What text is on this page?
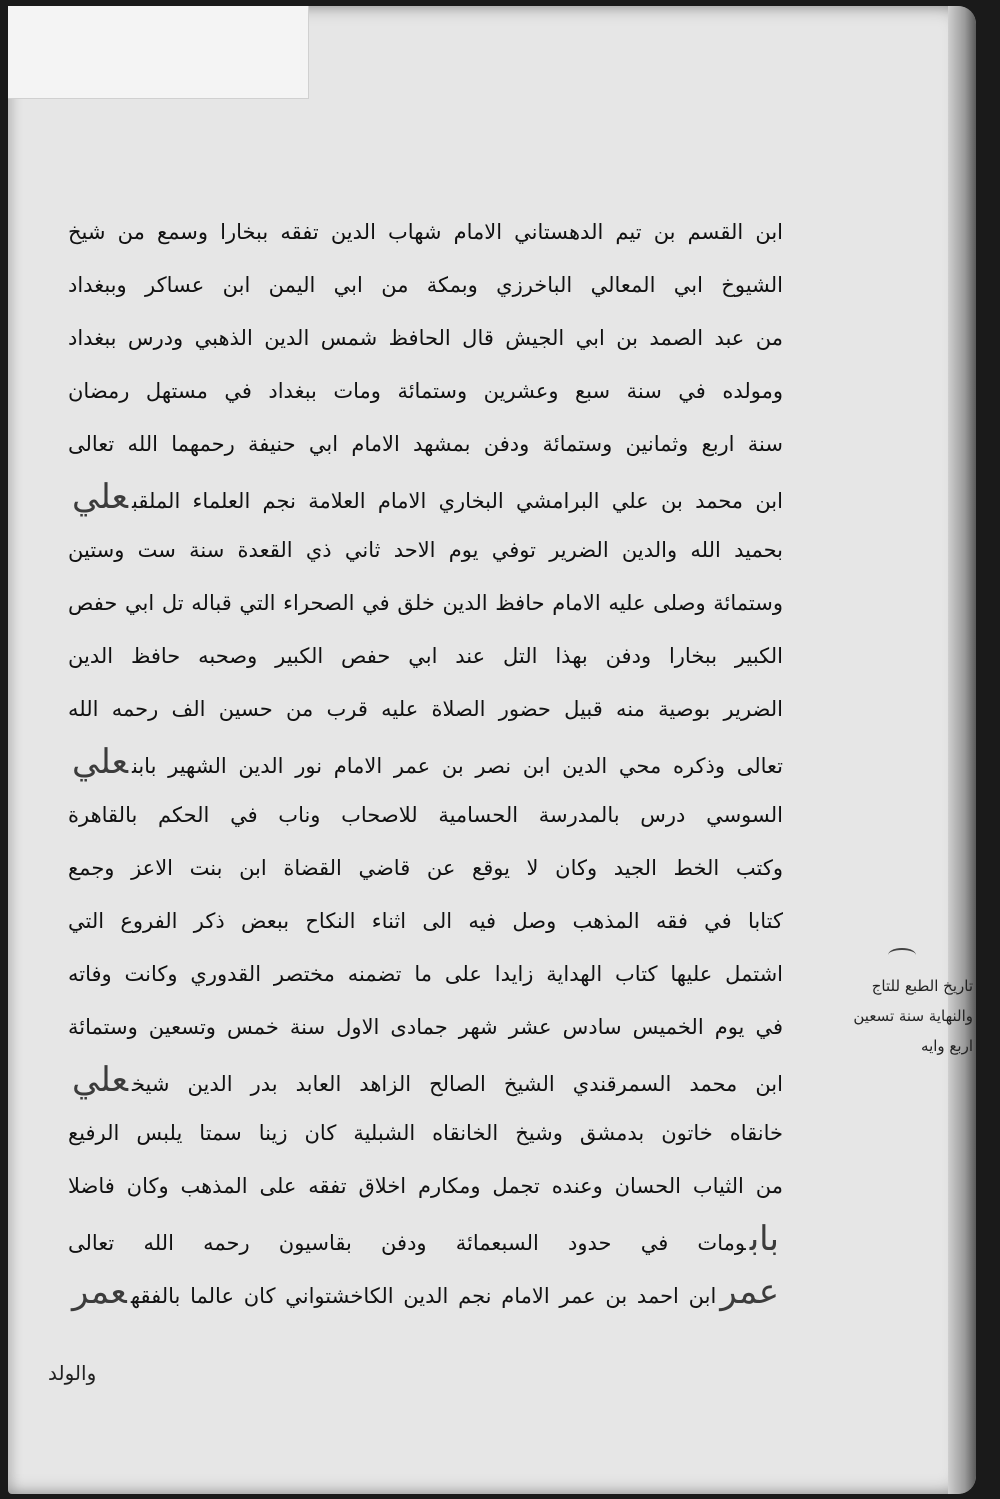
ابن القسم بن تيم الدهستاني الامام شهاب الدين تفقه ببخارا وسمع من شيخ
الشيوخ ابي المعالي الباخرزي وبمكة من ابي اليمن ابن عساكر وببغداد
من عبد الصمد بن ابي الجيش قال الحافظ شمس الدين الذهبي ودرس ببغداد
ومولده في سنة سبع وعشرين وستمائة ومات ببغداد في مستهل رمضان
سنة اربع وثمانين وستمائة ودفن بمشهد الامام ابي حنيفة رحمهما الله تعالى
ابن محمد بن علي البرامشي البخاري الامام العلامة نجم العلماء الملقبعلي
بحميد الله والدين الضرير توفي يوم الاحد ثاني ذي القعدة سنة ست وستين
وستمائة وصلى عليه الامام حافظ الدين خلق في الصحراء التي قباله تل ابي حفص
الكبير ببخارا ودفن بهذا التل عند ابي حفص الكبير وصحبه حافظ الدين
الضرير بوصية منه قبيل حضور الصلاة عليه قرب من حسين الف رحمه الله
تعالى وذكره محي الدين ابن نصر بن عمر الامام نور الدين الشهير بابنعلي
السوسي درس بالمدرسة الحسامية للاصحاب وناب في الحكم بالقاهرة
وكتب الخط الجيد وكان لا يوقع عن قاضي القضاة ابن بنت الاعز وجمع
كتابا في فقه المذهب وصل فيه الى اثناء النكاح ببعض ذكر الفروع التي
اشتمل عليها كتاب الهداية زايدا على ما تضمنه مختصر القدوري وكانت وفاته
في يوم الخميس سادس عشر شهر جمادى الاول سنة خمس وتسعين وستمائة
ابن محمد السمرقندي الشيخ الصالح الزاهد العابد بدر الدين شيخعلي
خانقاه خاتون بدمشق وشيخ الخانقاه الشبلية كان زينا سمتا يلبس الرفيع
من الثياب الحسان وعنده تجمل ومكارم اخلاق تفقه على المذهب وكان فاضلا
بابومات في حدود السبعمائة ودفن بقاسيون رحمه الله تعالى
عمرابن احمد بن عمر الامام نجم الدين الكاخشتواني كان عالما بالفقهعمر
تاريخ الطبع للتاج
والنهاية سنة تسعين
اربع وايه
والولد
